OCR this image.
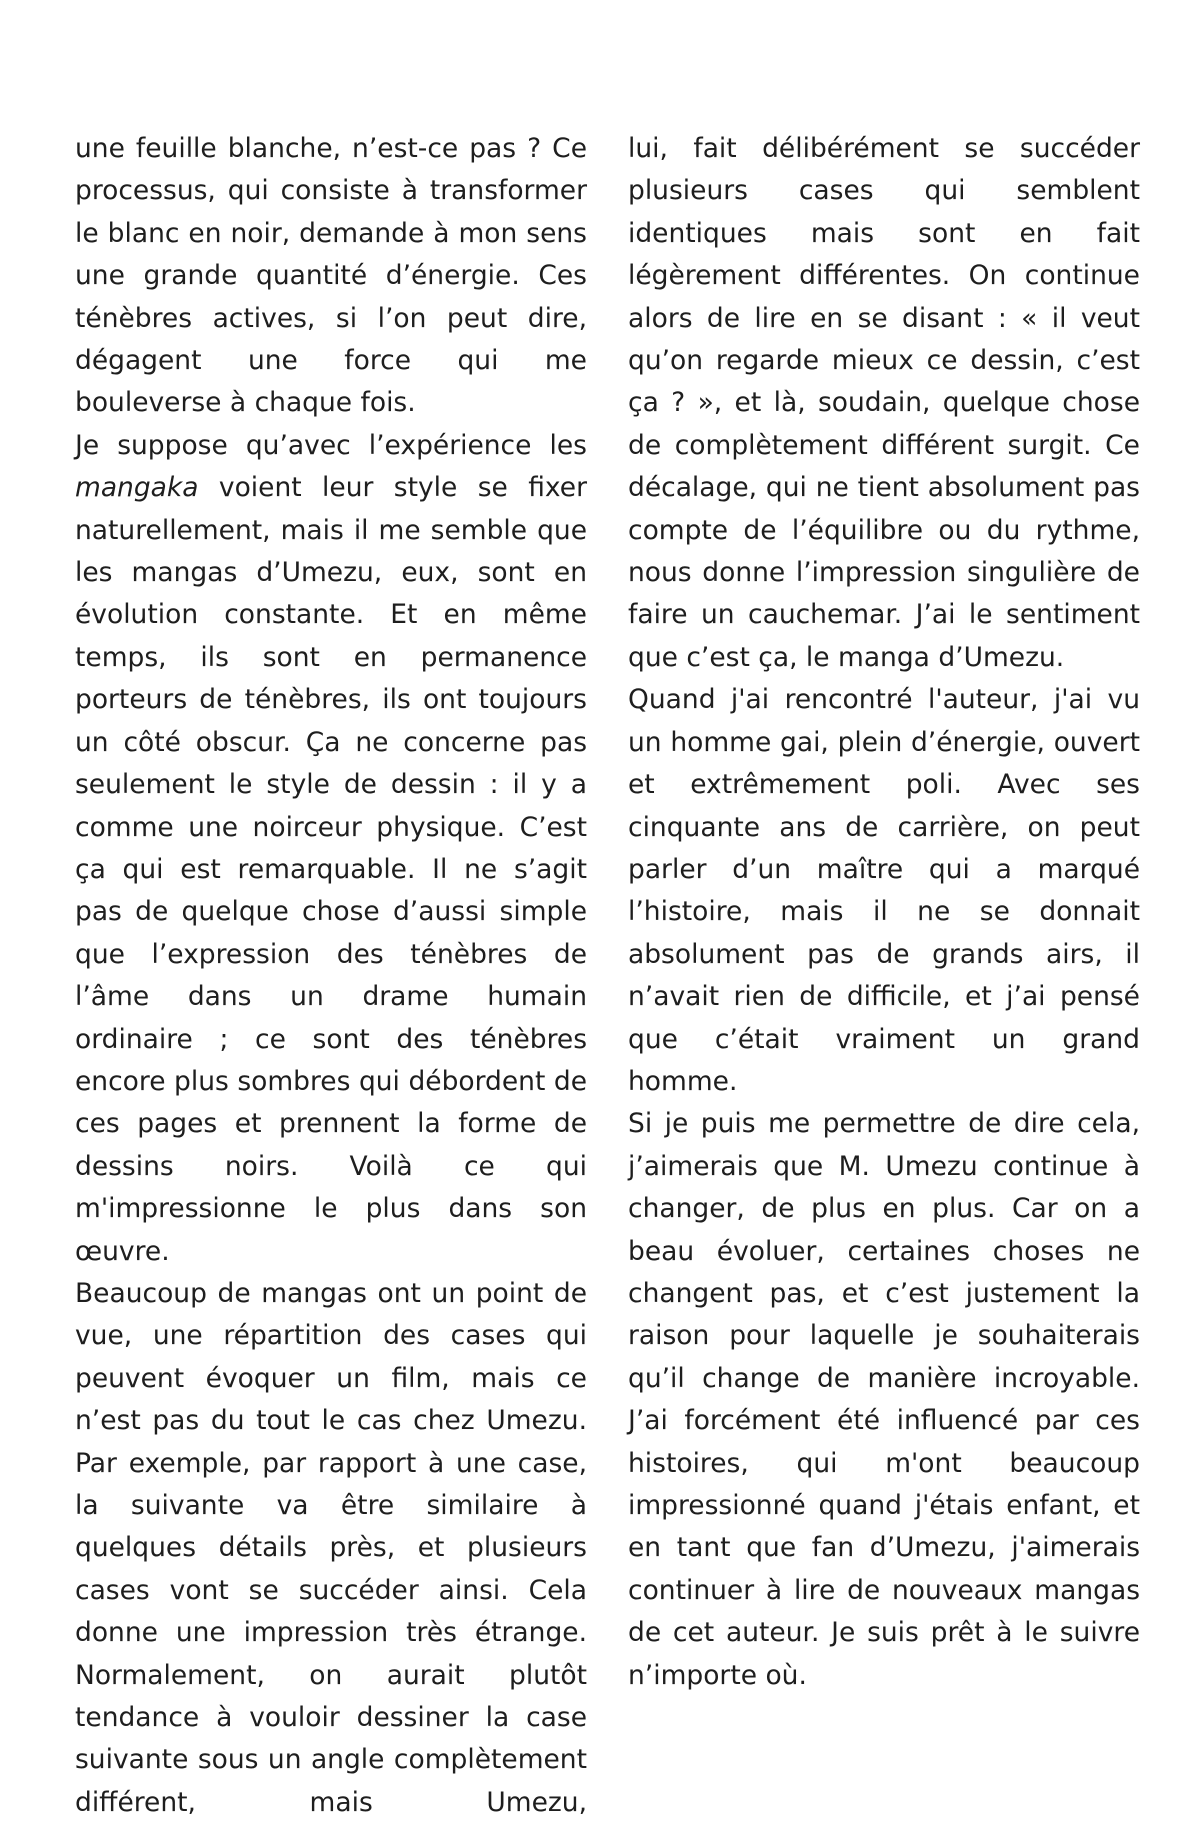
une feuille blanche, n’est-ce pas ? Ce processus, qui consiste à transformer le blanc en noir, demande à mon sens une grande quantité d’énergie. Ces ténèbres actives, si l’on peut dire, dégagent une force qui me bouleverse à chaque fois.

Je suppose qu’avec l’expérience les mangaka voient leur style se fixer naturellement, mais il me semble que les mangas d’Umezu, eux, sont en évolution constante. Et en même temps, ils sont en permanence porteurs de ténèbres, ils ont toujours un côté obscur. Ça ne concerne pas seulement le style de dessin : il y a comme une noirceur physique. C’est ça qui est remarquable. Il ne s’agit pas de quelque chose d’aussi simple que l’expression des ténèbres de l’âme dans un drame humain ordinaire ; ce sont des ténèbres encore plus sombres qui débordent de ces pages et prennent la forme de dessins noirs. Voilà ce qui m'impressionne le plus dans son œuvre.

Beaucoup de mangas ont un point de vue, une répartition des cases qui peuvent évoquer un film, mais ce n’est pas du tout le cas chez Umezu. Par exemple, par rapport à une case, la suivante va être similaire à quelques détails près, et plusieurs cases vont se succéder ainsi. Cela donne une impression très étrange. Normalement, on aurait plutôt tendance à vouloir dessiner la case suivante sous un angle complètement différent, mais Umezu,

lui, fait délibérément se succéder plusieurs cases qui semblent identiques mais sont en fait légèrement différentes. On continue alors de lire en se disant : « il veut qu’on regarde mieux ce dessin, c’est ça ? », et là, soudain, quelque chose de complètement différent surgit. Ce décalage, qui ne tient absolument pas compte de l’équilibre ou du rythme, nous donne l’impression singulière de faire un cauchemar. J’ai le sentiment que c’est ça, le manga d’Umezu.

Quand j'ai rencontré l'auteur, j'ai vu un homme gai, plein d’énergie, ouvert et extrêmement poli. Avec ses cinquante ans de carrière, on peut parler d’un maître qui a marqué l’histoire, mais il ne se donnait absolument pas de grands airs, il n’avait rien de difficile, et j’ai pensé que c’était vraiment un grand homme.

Si je puis me permettre de dire cela, j’aimerais que M. Umezu continue à changer, de plus en plus. Car on a beau évoluer, certaines choses ne changent pas, et c’est justement la raison pour laquelle je souhaiterais qu’il change de manière incroyable. J’ai forcément été influencé par ces histoires, qui m'ont beaucoup impressionné quand j'étais enfant, et en tant que fan d’Umezu, j'aimerais continuer à lire de nouveaux mangas de cet auteur. Je suis prêt à le suivre n’importe où.
